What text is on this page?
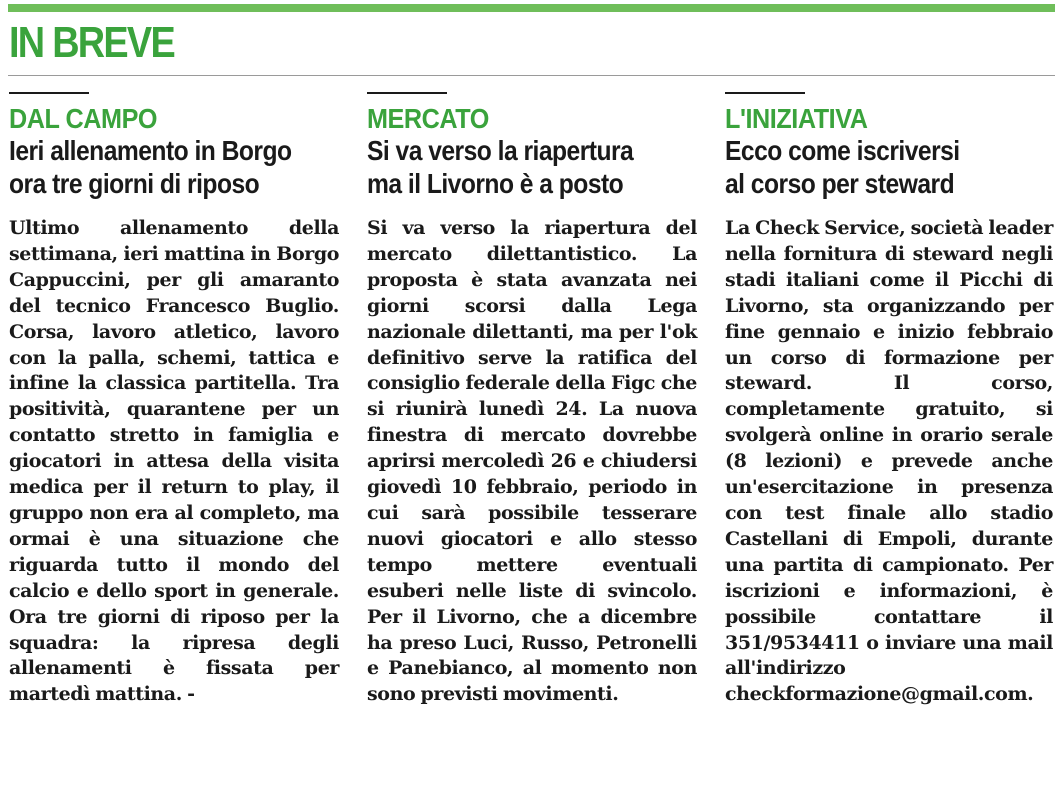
IN BREVE
DAL CAMPO
Ieri allenamento in Borgo
ora tre giorni di riposo

Ultimo allenamento della settimana, ieri mattina in Borgo Cappuccini, per gli amaranto del tecnico Francesco Buglio. Corsa, lavoro atletico, lavoro con la palla, schemi, tattica e infine la classica partitella. Tra positività, quarantene per un contatto stretto in famiglia e giocatori in attesa della visita medica per il return to play, il gruppo non era al completo, ma ormai è una situazione che riguarda tutto il mondo del calcio e dello sport in generale. Ora tre giorni di riposo per la squadra: la ripresa degli allenamenti è fissata per martedì mattina. -

MERCATO
Si va verso la riapertura
ma il Livorno è a posto

Si va verso la riapertura del mercato dilettantistico. La proposta è stata avanzata nei giorni scorsi dalla Lega nazionale dilettanti, ma per l'ok definitivo serve la ratifica del consiglio federale della Figc che si riunirà lunedì 24. La nuova finestra di mercato dovrebbe aprirsi mercoledì 26 e chiudersi giovedì 10 febbraio, periodo in cui sarà possibile tesserare nuovi giocatori e allo stesso tempo mettere eventuali esuberi nelle liste di svincolo. Per il Livorno, che a dicembre ha preso Luci, Russo, Petronelli e Panebianco, al momento non sono previsti movimenti.

L'INIZIATIVA
Ecco come iscriversi
al corso per steward

La Check Service, società leader nella fornitura di steward negli stadi italiani come il Picchi di Livorno, sta organizzando per fine gennaio e inizio febbraio un corso di formazione per steward. Il corso, completamente gratuito, si svolgerà online in orario serale (8 lezioni) e prevede anche un'esercitazione in presenza con test finale allo stadio Castellani di Empoli, durante una partita di campionato. Per iscrizioni e informazioni, è possibile contattare il 351/9534411 o inviare una mail all'indirizzo checkformazione@gmail.com.
